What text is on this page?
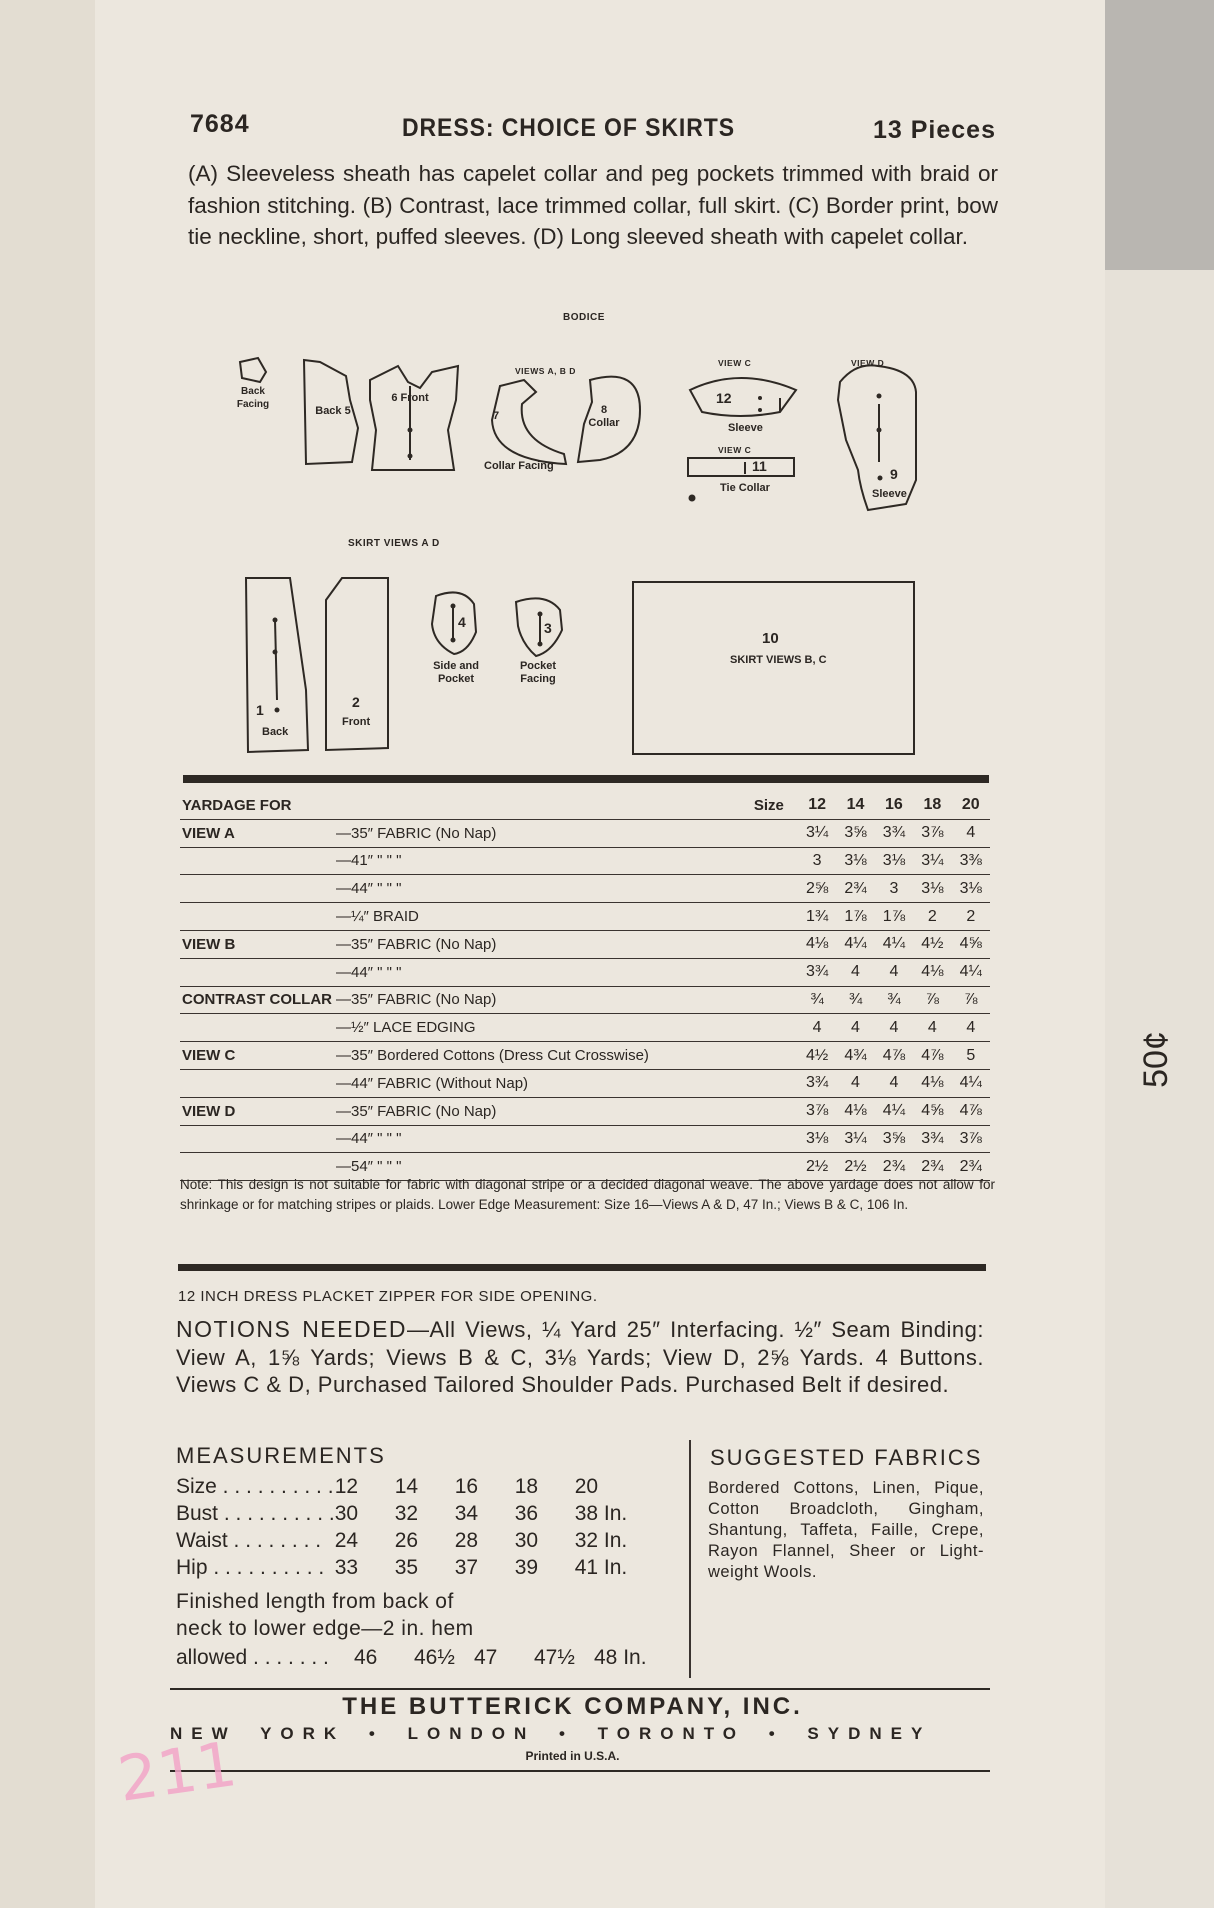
7684	DRESS: CHOICE OF SKIRTS	13 Pieces
(A) Sleeveless sheath has capelet collar and peg pockets trimmed with braid or fashion stitching. (B) Contrast, lace trimmed collar, full skirt. (C) Border print, bow tie neckline, short, puffed sleeves. (D) Long sleeved sheath with capelet collar.
BODICE
VIEWS A, B D
VIEW C
VIEW C
VIEW D
SKIRT VIEWS A D
Back Facing
Back 5
6 Front
7
Collar Facing
8 Collar
12
Sleeve
11
Tie Collar
9
Sleeve
1
Back
2
Front
4
Side and Pocket
3
Pocket Facing
10
SKIRT VIEWS B, C
YARDAGE FOR	Size	12	14	16	18	20
VIEW A	—35″ FABRIC (No Nap)	3¼	3⅝	3¾	3⅞	4
	—41″ " " "	3	3⅛	3⅛	3¼	3⅜
	—44″ " " "	2⅝	2¾	3	3⅛	3⅛
	—¼″ BRAID	1¾	1⅞	1⅞	2	2
VIEW B	—35″ FABRIC (No Nap)	4⅛	4¼	4¼	4½	4⅝
	—44″ " " "	3¾	4	4	4⅛	4¼
CONTRAST COLLAR	—35″ FABRIC (No Nap)	¾	¾	¾	⅞	⅞
	—½″ LACE EDGING	4	4	4	4	4
VIEW C	—35″ Bordered Cottons (Dress Cut Crosswise)	4½	4¾	4⅞	4⅞	5
	—44″ FABRIC (Without Nap)	3¾	4	4	4⅛	4¼
VIEW D	—35″ FABRIC (No Nap)	3⅞	4⅛	4¼	4⅝	4⅞
	—44″ " " "	3⅛	3¼	3⅝	3¾	3⅞
	—54″ " " "	2½	2½	2¾	2¾	2¾
Note: This design is not suitable for fabric with diagonal stripe or a decided diagonal weave. The above yardage does not allow for shrinkage or for matching stripes or plaids. Lower Edge Measurement: Size 16—Views A & D, 47 In.; Views B & C, 106 In.
12 INCH DRESS PLACKET ZIPPER FOR SIDE OPENING.
NOTIONS NEEDED—All Views, ¼ Yard 25″ Interfacing. ½″ Seam Binding: View A, 1⅝ Yards; Views B & C, 3⅛ Yards; View D, 2⅝ Yards. 4 Buttons. Views C & D, Purchased Tailored Shoulder Pads. Purchased Belt if desired.
MEASUREMENTS
Size . . . . . . . . . .	12	14	16	18	20
Bust . . . . . . . . . .	30	32	34	36	38 In.
Waist . . . . . . . .	24	26	28	30	32 In.
Hip . . . . . . . . . .	33	35	37	39	41 In.
Finished length from back of
neck to lower edge—2 in. hem
allowed . . . . . . .	46	46½	47	47½	48 In.
SUGGESTED FABRICS
Bordered Cottons, Linen, Pique, Cotton Broadcloth, Gingham, Shantung, Taffeta, Faille, Crepe, Rayon Flannel, Sheer or Light-weight Wools.
THE BUTTERICK COMPANY, INC.
NEW YORK • LONDON • TORONTO • SYDNEY
Printed in U.S.A.
50¢
211
